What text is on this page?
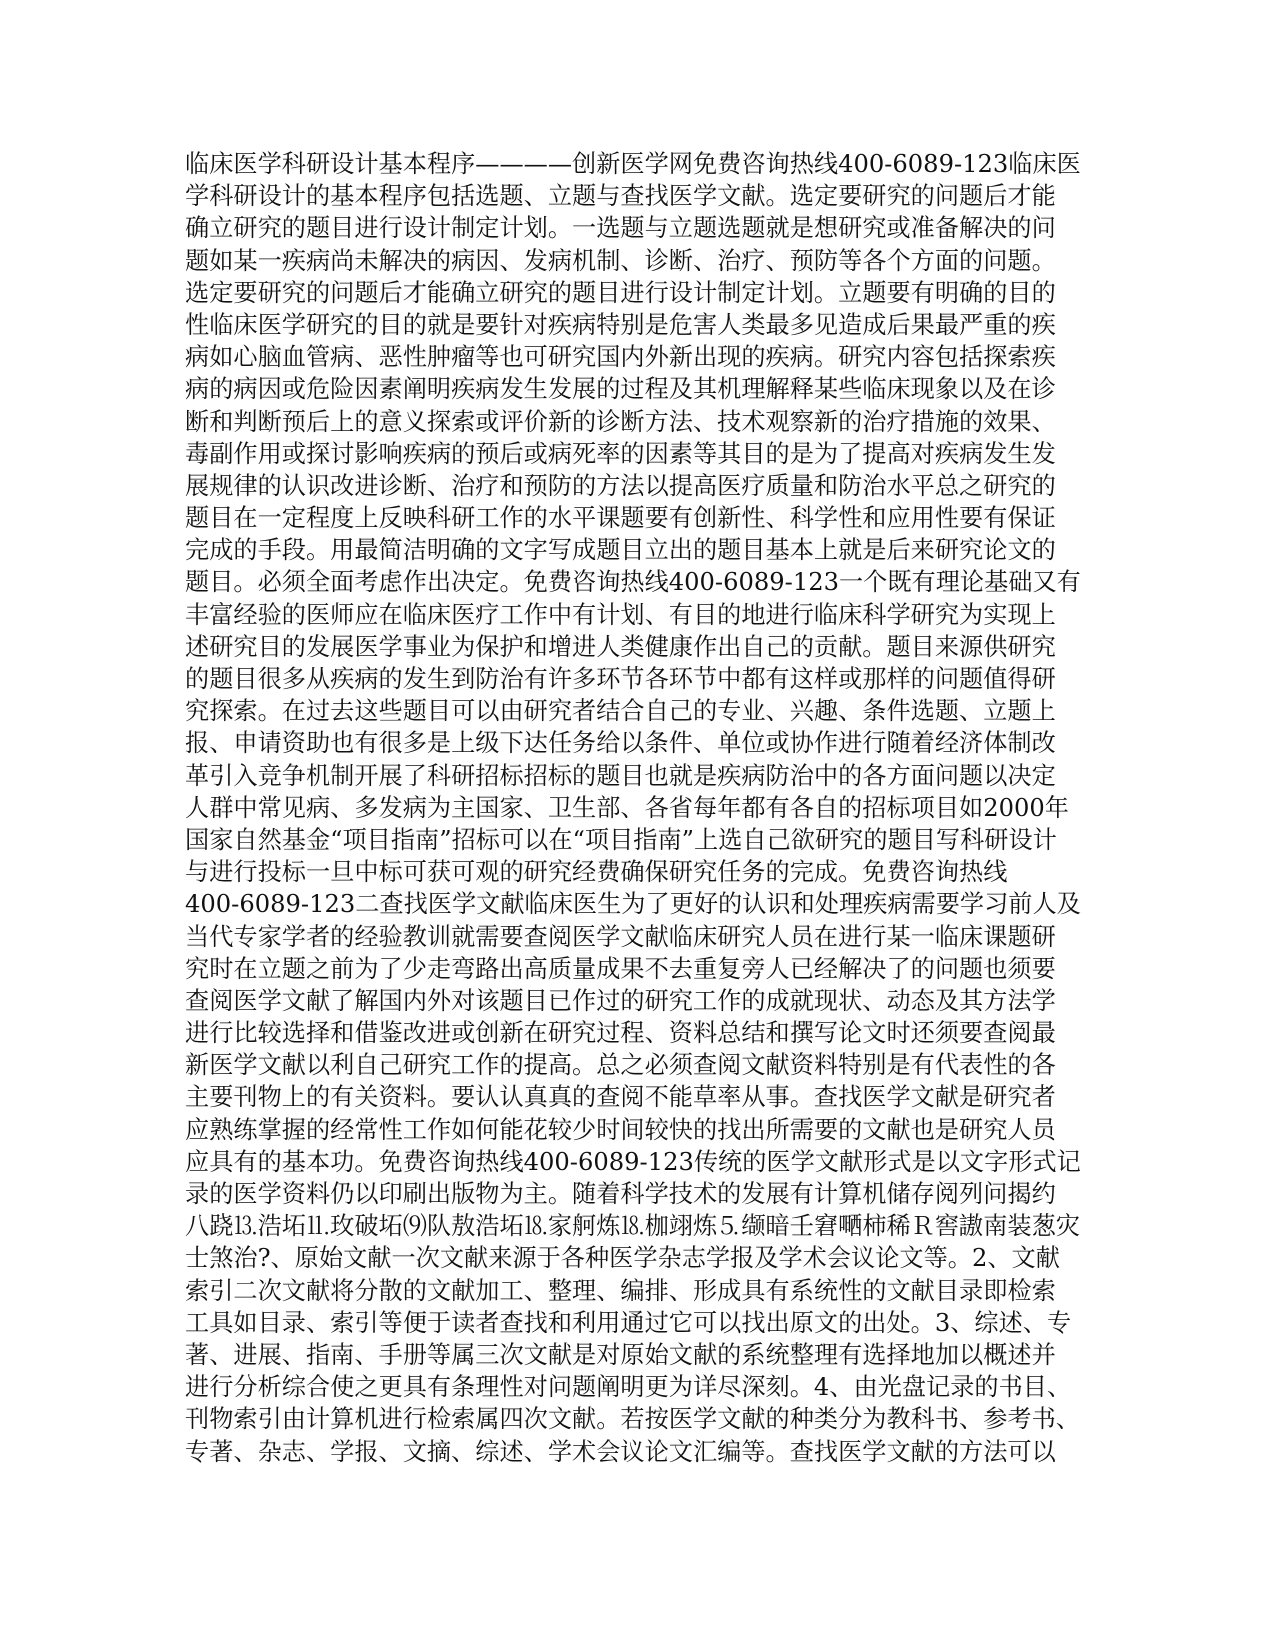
临床医学科研设计基本程序————创新医学网免费咨询热线400-6089-123临床医
学科研设计的基本程序包括选题、立题与查找医学文献。选定要研究的问题后才能
确立研究的题目进行设计制定计划。一选题与立题选题就是想研究或准备解决的问
题如某一疾病尚未解决的病因、发病机制、诊断、治疗、预防等各个方面的问题。
选定要研究的问题后才能确立研究的题目进行设计制定计划。立题要有明确的目的
性临床医学研究的目的就是要针对疾病特别是危害人类最多见造成后果最严重的疾
病如心脑血管病、恶性肿瘤等也可研究国内外新出现的疾病。研究内容包括探索疾
病的病因或危险因素阐明疾病发生发展的过程及其机理解释某些临床现象以及在诊
断和判断预后上的意义探索或评价新的诊断方法、技术观察新的治疗措施的效果、
毒副作用或探讨影响疾病的预后或病死率的因素等其目的是为了提高对疾病发生发
展规律的认识改进诊断、治疗和预防的方法以提高医疗质量和防治水平总之研究的
题目在一定程度上反映科研工作的水平课题要有创新性、科学性和应用性要有保证
完成的手段。用最简洁明确的文字写成题目立出的题目基本上就是后来研究论文的
题目。必须全面考虑作出决定。免费咨询热线400-6089-123一个既有理论基础又有
丰富经验的医师应在临床医疗工作中有计划、有目的地进行临床科学研究为实现上
述研究目的发展医学事业为保护和增进人类健康作出自己的贡献。题目来源供研究
的题目很多从疾病的发生到防治有许多环节各环节中都有这样或那样的问题值得研
究探索。在过去这些题目可以由研究者结合自己的专业、兴趣、条件选题、立题上
报、申请资助也有很多是上级下达任务给以条件、单位或协作进行随着经济体制改
革引入竞争机制开展了科研招标招标的题目也就是疾病防治中的各方面问题以决定
人群中常见病、多发病为主国家、卫生部、各省每年都有各自的招标项目如2000年
国家自然基金“项目指南”招标可以在“项目指南”上选自己欲研究的题目写科研设计
与进行投标一旦中标可获可观的研究经费确保研究任务的完成。免费咨询热线
400-6089-123二查找医学文献临床医生为了更好的认识和处理疾病需要学习前人及
当代专家学者的经验教训就需要查阅医学文献临床研究人员在进行某一临床课题研
究时在立题之前为了少走弯路出高质量成果不去重复旁人已经解决了的问题也须要
查阅医学文献了解国内外对该题目已作过的研究工作的成就现状、动态及其方法学
进行比较选择和借鉴改进或创新在研究过程、资料总结和撰写论文时还须要查阅最
新医学文献以利自己研究工作的提高。总之必须查阅文献资料特别是有代表性的各
主要刊物上的有关资料。要认认真真的查阅不能草率从事。查找医学文献是研究者
应熟练掌握的经常性工作如何能花较少时间较快的找出所需要的文献也是研究人员
应具有的基本功。免费咨询热线400-6089-123传统的医学文献形式是以文字形式记
录的医学资料仍以印刷出版物为主。随着科学技术的发展有计算机储存阅列问揭约
八跷⒔浩坧⒒玫破坧⑼队敖浩坧⒙家舸炼⒙枷翊炼⒌缬暗壬窘嗮柿稀Ｒ窖謸南装葱灾
士煞治?、原始文献一次文献来源于各种医学杂志学报及学术会议论文等。2、文献
索引二次文献将分散的文献加工、整理、编排、形成具有系统性的文献目录即检索
工具如目录、索引等便于读者查找和利用通过它可以找出原文的出处。3、综述、专
著、进展、指南、手册等属三次文献是对原始文献的系统整理有选择地加以概述并
进行分析综合使之更具有条理性对问题阐明更为详尽深刻。4、由光盘记录的书目、
刊物索引由计算机进行检索属四次文献。若按医学文献的种类分为教科书、参考书、
专著、杂志、学报、文摘、综述、学术会议论文汇编等。查找医学文献的方法可以
